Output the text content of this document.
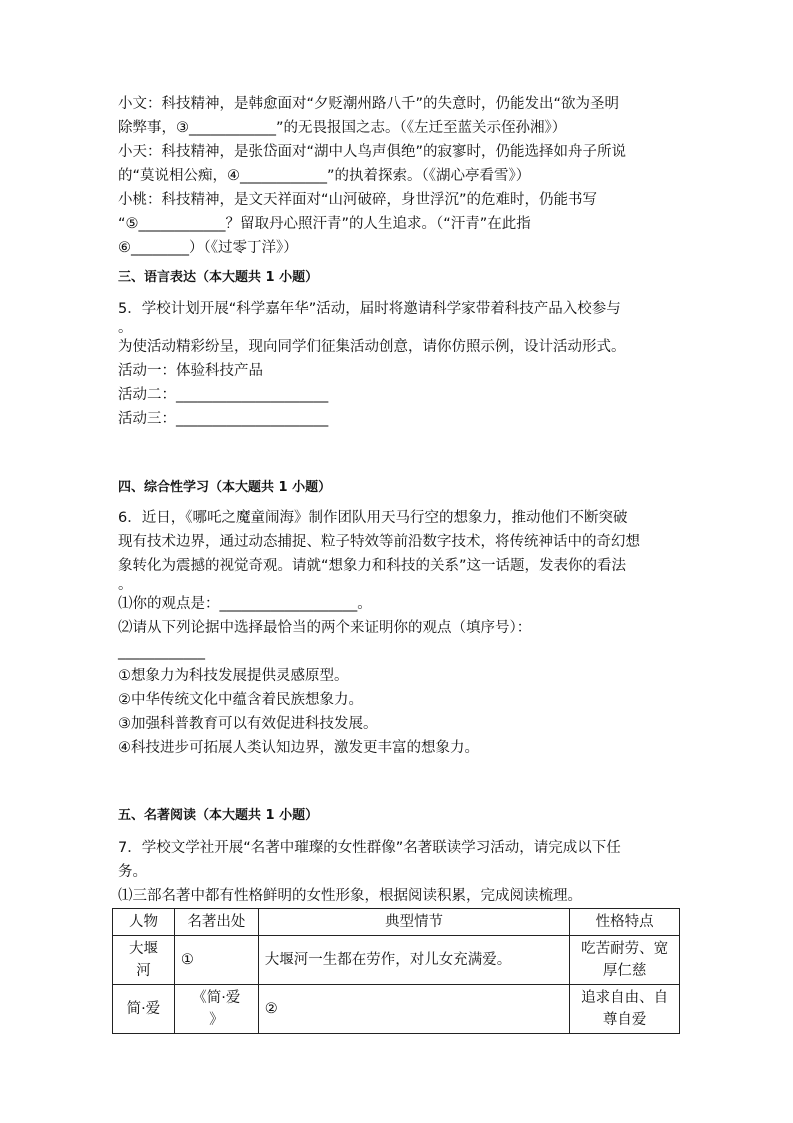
小文：科技精神，是韩愈面对“夕贬潮州路八千”的失意时，仍能发出“欲为圣明
除弊事，③____________”的无畏报国之志。（《左迁至蓝关示侄孙湘》）
小天：科技精神，是张岱面对“湖中人鸟声俱绝”的寂寥时，仍能选择如舟子所说
的“莫说相公痴，④____________”的执着探索。（《湖心亭看雪》）
小桃：科技精神，是文天祥面对“山河破碎，身世浮沉”的危难时，仍能书写
“⑤____________？留取丹心照汗青”的人生追求。（“汗青”在此指
⑥________）（《过零丁洋》）
三、语言表达（本大题共 1 小题）
5．学校计划开展“科学嘉年华”活动，届时将邀请科学家带着科技产品入校参与
。
为使活动精彩纷呈，现向同学们征集活动创意，请你仿照示例，设计活动形式。
活动一：体验科技产品
活动二：_____________________
活动三：_____________________
四、综合性学习（本大题共 1 小题）
6．近日，《哪吒之魔童闹海》制作团队用天马行空的想象力，推动他们不断突破
现有技术边界，通过动态捕捉、粒子特效等前沿数字技术，将传统神话中的奇幻想
象转化为震撼的视觉奇观。请就“想象力和科技的关系”这一话题，发表你的看法
。
⑴你的观点是：___________________。
⑵请从下列论据中选择最恰当的两个来证明你的观点（填序号）：
____________
①想象力为科技发展提供灵感原型。
②中华传统文化中蕴含着民族想象力。
③加强科普教育可以有效促进科技发展。
④科技进步可拓展人类认知边界，激发更丰富的想象力。
五、名著阅读（本大题共 1 小题）
7．学校文学社开展“名著中璀璨的女性群像”名著联读学习活动，请完成以下任
务。
⑴三部名著中都有性格鲜明的女性形象，根据阅读积累，完成阅读梳理。
人物	名著出处	典型情节	性格特点
大堰
河	①	大堰河一生都在劳作，对儿女充满爱。	吃苦耐劳、宽
厚仁慈
简·爱	《简·爱
》	②	追求自由、自
尊自爱
